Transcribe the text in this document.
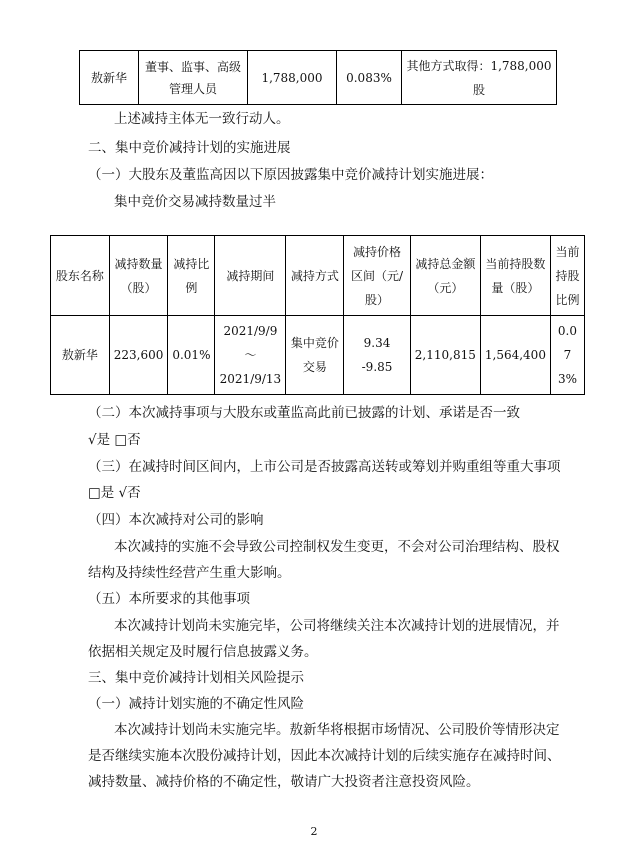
敖新华	董事、监事、高级管理人员	1,788,000	0.083%	其他方式取得：1,788,000 股
上述减持主体无一致行动人。
二、集中竞价减持计划的实施进展
（一）大股东及董监高因以下原因披露集中竞价减持计划实施进展：
集中竞价交易减持数量过半
股东名称	减持数量（股）	减持比例	减持期间	减持方式	减持价格区间（元/股）	减持总金额（元）	当前持股数量（股）	当前持股比例
敖新华	223,600	0.01%	2021/9/9 ～ 2021/9/13	集中竞价交易	9.34 -9.85	2,110,815	1,564,400	0.073%
（二）本次减持事项与大股东或董监高此前已披露的计划、承诺是否一致
√是 □否
（三）在减持时间区间内，上市公司是否披露高送转或筹划并购重组等重大事项
□是 √否
（四）本次减持对公司的影响
本次减持的实施不会导致公司控制权发生变更，不会对公司治理结构、股权
结构及持续性经营产生重大影响。
（五）本所要求的其他事项
本次减持计划尚未实施完毕，公司将继续关注本次减持计划的进展情况，并
依据相关规定及时履行信息披露义务。
三、集中竞价减持计划相关风险提示
（一）减持计划实施的不确定性风险
本次减持计划尚未实施完毕。敖新华将根据市场情况、公司股价等情形决定
是否继续实施本次股份减持计划，因此本次减持计划的后续实施存在减持时间、
减持数量、减持价格的不确定性，敬请广大投资者注意投资风险。
2
